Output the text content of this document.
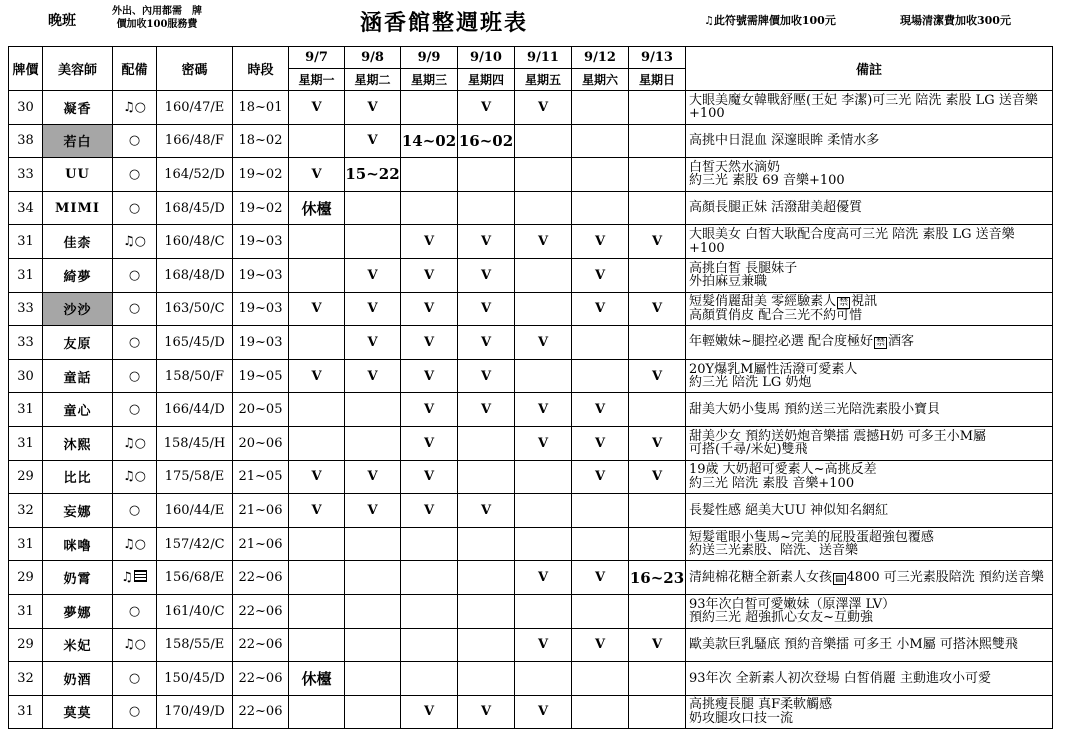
晚班
外出、內用都需　牌
價加收100服務費	涵香館整週班表	♫此符號需牌價加收100元	現場清潔費加收300元
牌價	美容師	配備	密碼	時段	9/7	9/8	9/9	9/10	9/11	9/12	9/13	備註
					星期一	星期二	星期三	星期四	星期五	星期六	星期日	
30	凝香	♫○	160/47/E	18~01	V	V		V	V			大眼美魔女韓戰舒壓(王妃 李潔)可三光 陪洗 素股 LG 送音樂+100

38	若白	○	166/48/F	18~02		V	14~02	16~02				高挑中日混血 深邃眼眸 柔情水多

33	UU	○	164/52/D	19~02	V	15~22						白皙天然水滴奶
約三光 素股 69 音樂+100

34	MIMI	○	168/45/D	19~02	休檯							高顏長腿正妹 活潑甜美超優質

31	佳柰	♫○	160/48/C	19~03			V	V	V	V	V	大眼美女 白皙大耿配合度高可三光 陪洗 素股 LG 送音樂+100

31	綺夢	○	168/48/D	19~03		V	V	V		V		高挑白皙 長腿妹子
外拍麻豆兼職

33	沙沙	○	163/50/C	19~03	V	V	V	V		V	V	短髮俏麗甜美 零經驗素人 禁 視訊
高顏質俏皮 配合三光不約可惜

33	友原	○	165/45/D	19~03		V	V	V	V			年輕嫩妹~腿控必選 配合度極好 禁 酒客

30	童話	○	158/50/F	19~05	V	V	V	V			V	20Y爆乳M屬性活潑可愛素人
約三光 陪洗 LG 奶炮

31	童心	○	166/44/D	20~05			V	V	V	V		甜美大奶小隻馬 預約送三光陪洗素股小寶貝

31	沐熙	♫○	158/45/H	20~06			V		V	V	V	甜美少女 預約送奶炮音樂擂 震撼H奶 可多王小M屬
可搭(千尋/米妃)雙飛

29	比比	♫○	175/58/E	21~05	V	V	V			V	V	19歲 大奶超可愛素人~高挑反差
約三光 陪洗 素股 音樂+100

32	妄娜	○	160/44/E	21~06	V	V	V	V				長髮性感 絕美大UU 神似知名網紅

31	咪嚕	♫○	157/42/C	21~06								短髮電眼小隻馬~完美的屁股蛋超強包覆感
約送三光素股、陪洗、送音樂

29	奶霄	♫	156/68/E	22~06					V	V	16~23	清純棉花糖全新素人女孩 ▤ 4800 可三光素股陪洗 預約送音樂

31	夢娜	○	161/40/C	22~06								93年次白皙可愛嫩妹（原澤澤 LV）
預約三光 超強抓心女友~互動強

29	米妃	♫○	158/55/E	22~06					V	V	V	歐美款巨乳騷底 預約音樂擂 可多王 小M屬 可搭沐熙雙飛

32	奶酒	○	150/45/D	22~06	休檯							93年次 全新素人初次登場 白皙俏麗 主動進攻小可愛

31	莫莫	○	170/49/D	22~06			V	V	V			高挑瘦長腿 真F柔軟觸感
奶攻腿攻口技一流
